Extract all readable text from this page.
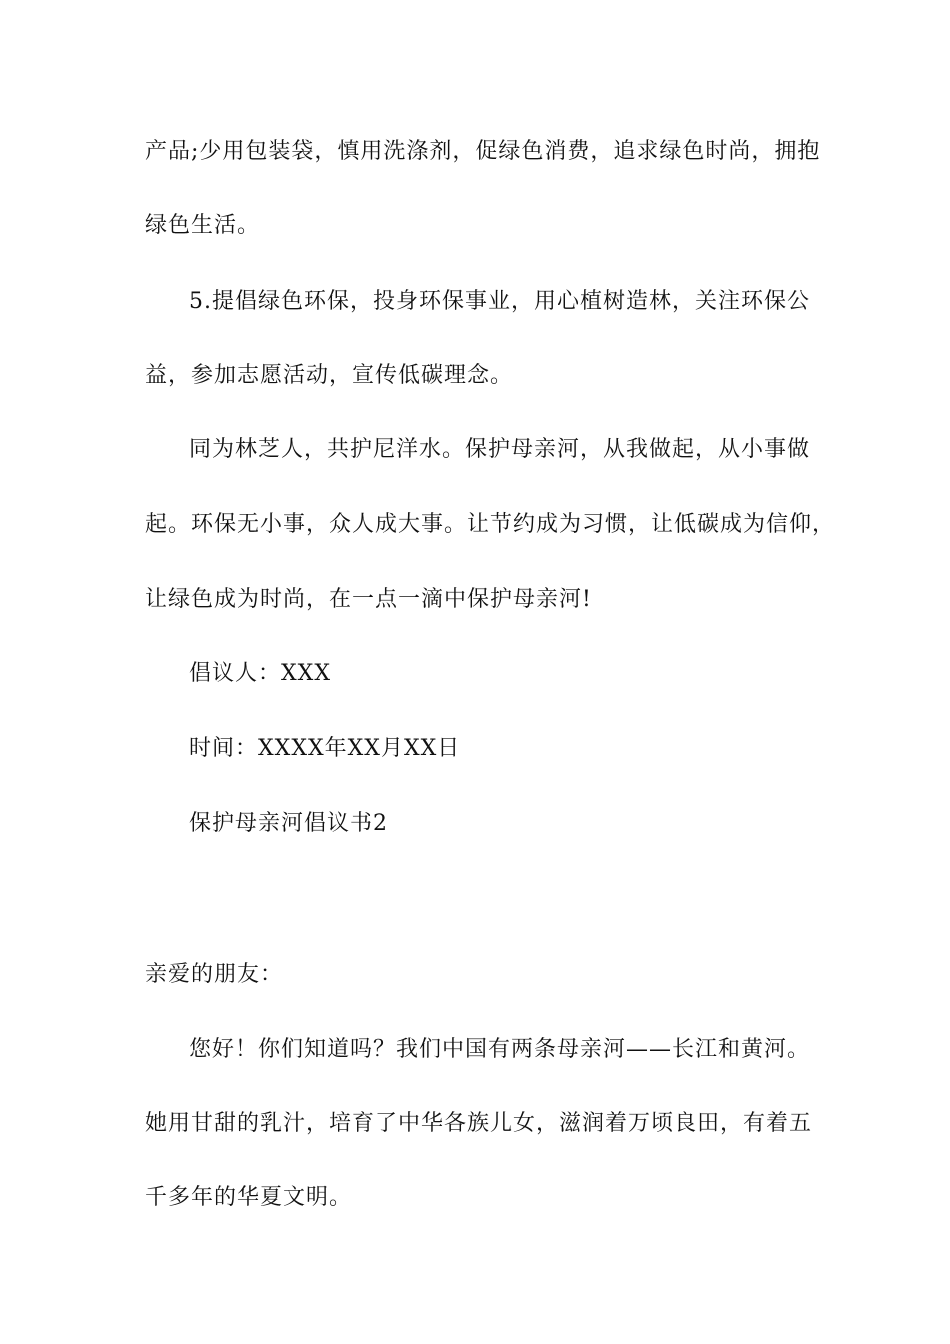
产品;少用包装袋，慎用洗涤剂，促绿色消费，追求绿色时尚，拥抱
绿色生活。
5.提倡绿色环保，投身环保事业，用心植树造林，关注环保公
益，参加志愿活动，宣传低碳理念。
同为林芝人，共护尼洋水。保护母亲河，从我做起，从小事做
起。环保无小事，众人成大事。让节约成为习惯，让低碳成为信仰，
让绿色成为时尚，在一点一滴中保护母亲河!
倡议人：XXX
时间：XXXX年XX月XX日
保护母亲河倡议书2
亲爱的朋友：
您好！你们知道吗？我们中国有两条母亲河——长江和黄河。
她用甘甜的乳汁，培育了中华各族儿女，滋润着万顷良田，有着五
千多年的华夏文明。
